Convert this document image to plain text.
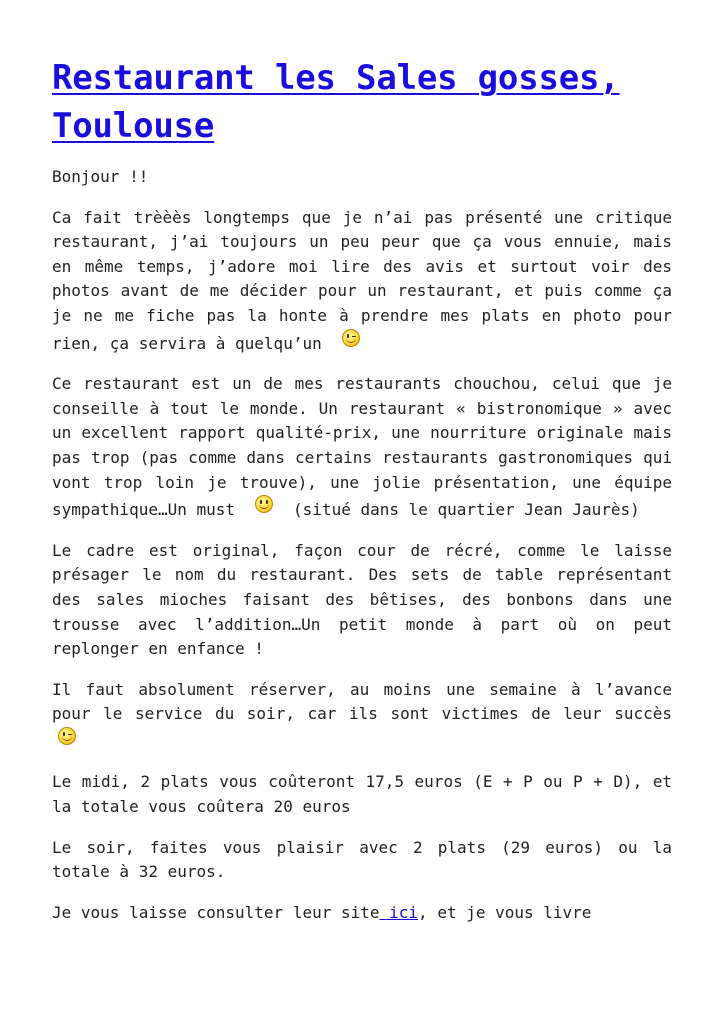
Restaurant les Sales gosses, Toulouse

Bonjour !!

Ca fait trèèès longtemps que je n’ai pas présenté une critique restaurant, j’ai toujours un peu peur que ça vous ennuie, mais en même temps, j’adore moi lire des avis et surtout voir des photos avant de me décider pour un restaurant, et puis comme ça je ne me fiche pas la honte à prendre mes plats en photo pour rien, ça servira à quelqu’un

Ce restaurant est un de mes restaurants chouchou, celui que je conseille à tout le monde. Un restaurant « bistronomique » avec un excellent rapport qualité-prix, une nourriture originale mais pas trop (pas comme dans certains restaurants gastronomiques qui vont trop loin je trouve), une jolie présentation, une équipe sympathique…Un must	(situé dans le quartier Jean Jaurès)

Le cadre est original, façon cour de récré, comme le laisse présager le nom du restaurant. Des sets de table représentant des sales mioches faisant des bêtises, des bonbons dans une trousse avec l’addition…Un petit monde à part où on peut replonger en enfance !

Il faut absolument réserver, au moins une semaine à l’avance pour le service du soir, car ils sont victimes de leur succès

Le midi, 2 plats vous coûteront 17,5 euros (E + P ou P + D), et la totale vous coûtera 20 euros

Le soir, faites vous plaisir avec 2 plats (29 euros) ou la totale à 32 euros.

Je vous laisse consulter leur site ici, et je vous livre
